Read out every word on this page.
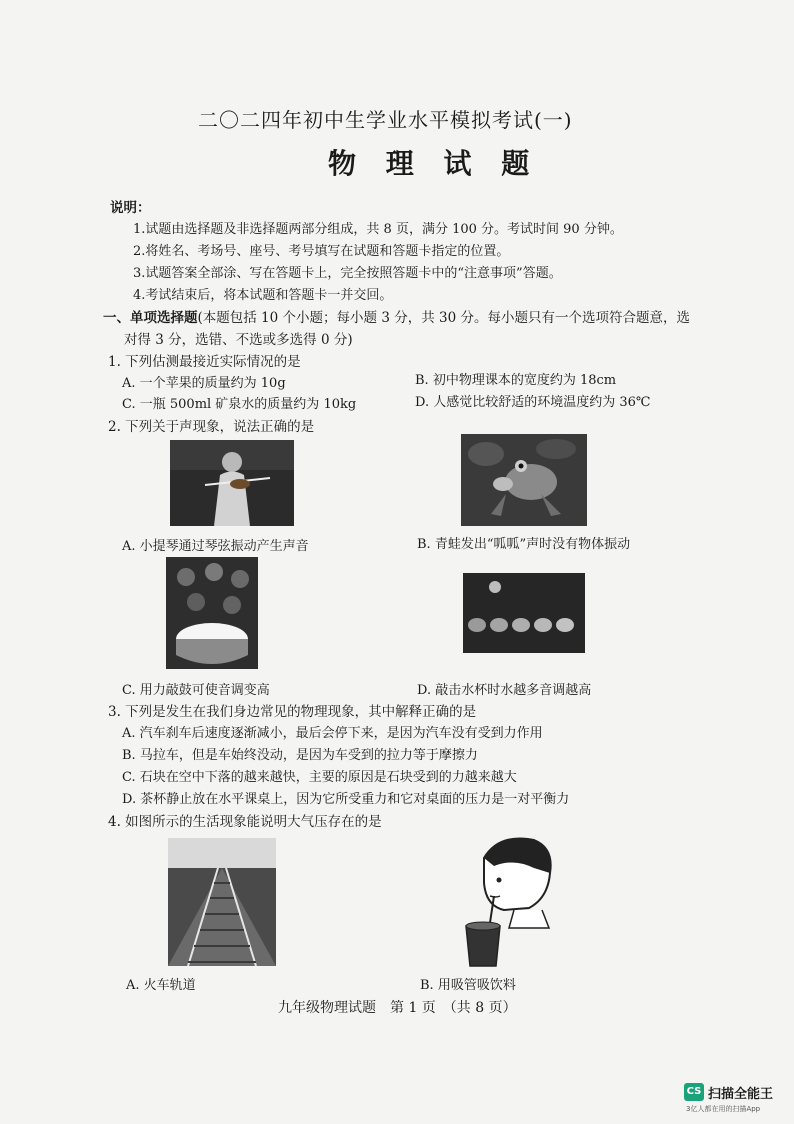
二〇二四年初中生学业水平模拟考试(一)
物 理 试 题
说明：
1.试题由选择题及非选择题两部分组成，共 8 页，满分 100 分。考试时间 90 分钟。
2.将姓名、考场号、座号、考号填写在试题和答题卡指定的位置。
3.试题答案全部涂、写在答题卡上，完全按照答题卡中的“注意事项”答题。
4.考试结束后，将本试题和答题卡一并交回。
一、单项选择题(本题包括 10 个小题；每小题 3 分，共 30 分。每小题只有一个选项符合题意，选
对得 3 分，选错、不选或多选得 0 分)
1. 下列估测最接近实际情况的是
A. 一个苹果的质量约为 10g	B. 初中物理课本的宽度约为 18cm
C. 一瓶 500ml 矿泉水的质量约为 10kg	D. 人感觉比较舒适的环境温度约为 36℃
2. 下列关于声现象，说法正确的是
A. 小提琴通过琴弦振动产生声音	B. 青蛙发出“呱呱”声时没有物体振动
C. 用力敲鼓可使音调变高	D. 敲击水杯时水越多音调越高
3. 下列是发生在我们身边常见的物理现象，其中解释正确的是
A. 汽车刹车后速度逐渐减小，最后会停下来，是因为汽车没有受到力作用
B. 马拉车，但是车始终没动，是因为车受到的拉力等于摩擦力
C. 石块在空中下落的越来越快，主要的原因是石块受到的力越来越大
D. 茶杯静止放在水平课桌上，因为它所受重力和它对桌面的压力是一对平衡力
4. 如图所示的生活现象能说明大气压存在的是
A. 火车轨道	B. 用吸管吸饮料
九年级物理试题　第 1 页　（共 8 页）
CS 扫描全能王
3亿人都在用的扫描App
